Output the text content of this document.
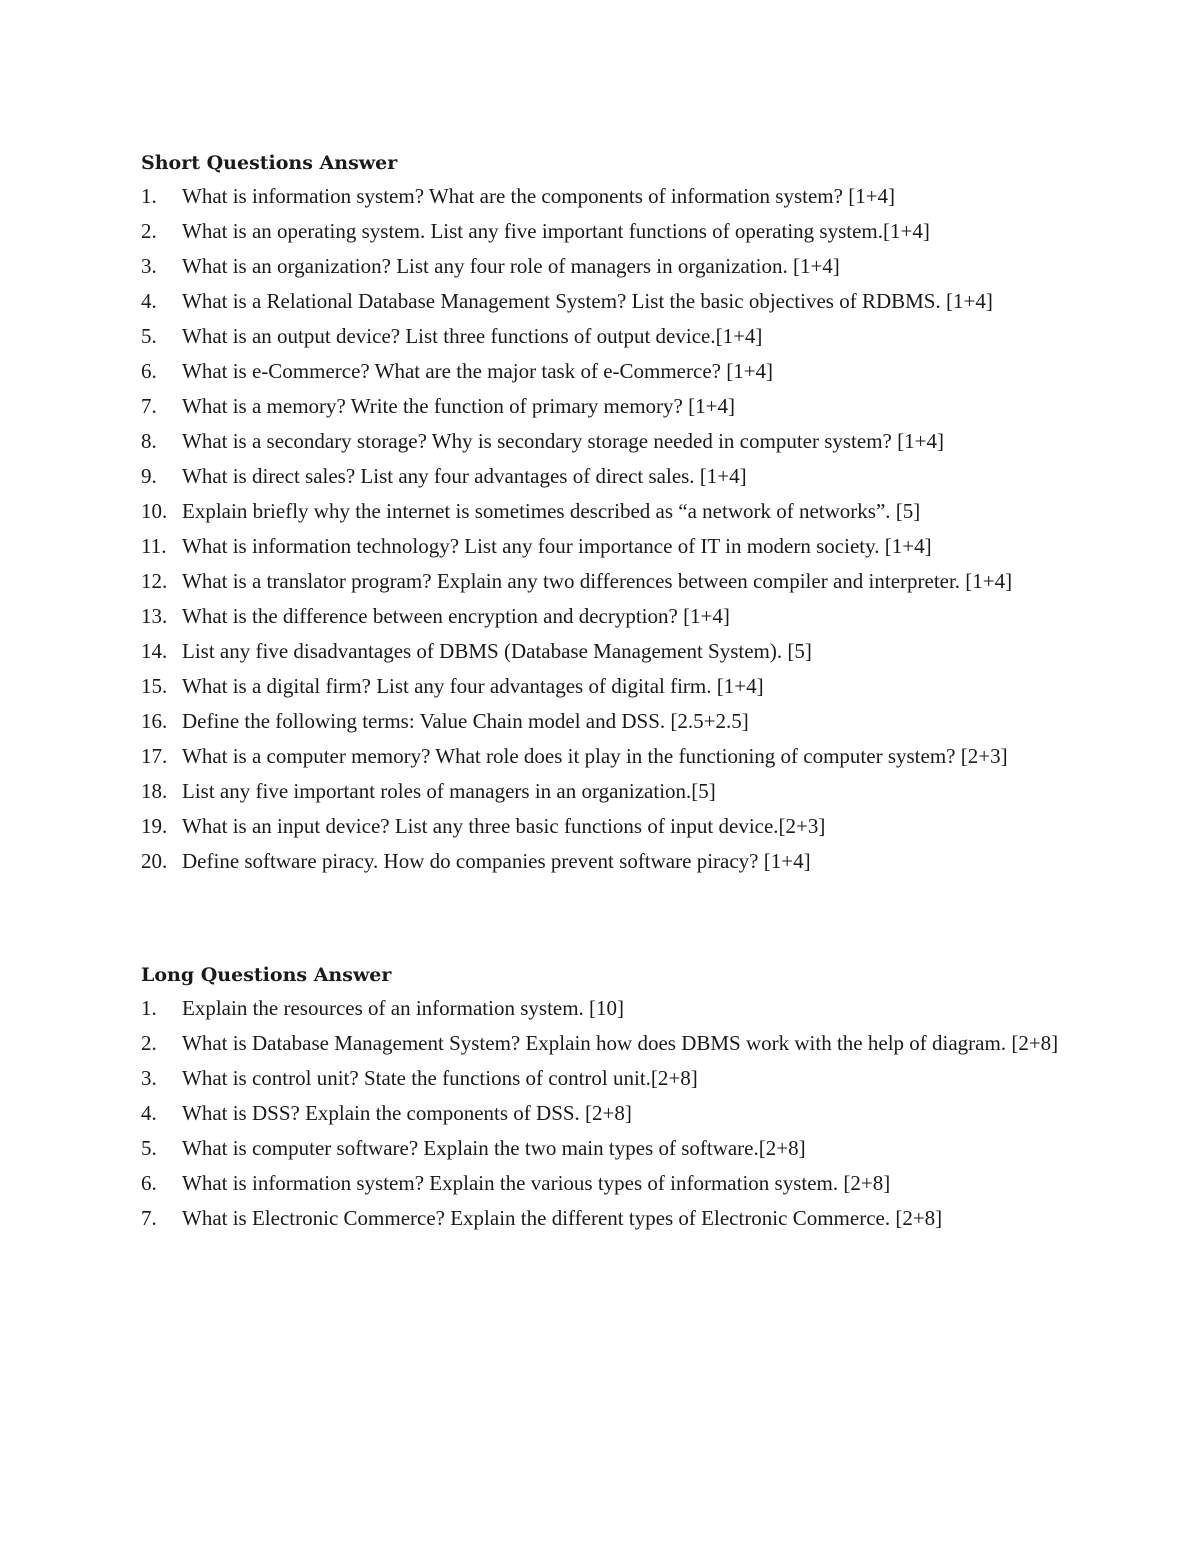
Short Questions Answer
1. What is information system? What are the components of information system? [1+4]
2. What is an operating system. List any five important functions of operating system.[1+4]
3. What is an organization? List any four role of managers in organization. [1+4]
4. What is a Relational Database Management System? List the basic objectives of RDBMS. [1+4]
5. What is an output device? List three functions of output device.[1+4]
6. What is e-Commerce? What are the major task of e-Commerce? [1+4]
7. What is a memory? Write the function of primary memory? [1+4]
8. What is a secondary storage? Why is secondary storage needed in computer system? [1+4]
9. What is direct sales? List any four advantages of direct sales. [1+4]
10. Explain briefly why the internet is sometimes described as “a network of networks”. [5]
11. What is information technology? List any four importance of IT in modern society. [1+4]
12. What is a translator program? Explain any two differences between compiler and interpreter. [1+4]
13. What is the difference between encryption and decryption? [1+4]
14. List any five disadvantages of DBMS (Database Management System). [5]
15. What is a digital firm? List any four advantages of digital firm. [1+4]
16. Define the following terms: Value Chain model and DSS. [2.5+2.5]
17. What is a computer memory? What role does it play in the functioning of computer system? [2+3]
18. List any five important roles of managers in an organization.[5]
19. What is an input device? List any three basic functions of input device.[2+3]
20. Define software piracy. How do companies prevent software piracy? [1+4]
Long Questions Answer
1. Explain the resources of an information system. [10]
2. What is Database Management System? Explain how does DBMS work with the help of diagram. [2+8]
3. What is control unit? State the functions of control unit.[2+8]
4. What is DSS? Explain the components of DSS. [2+8]
5. What is computer software? Explain the two main types of software.[2+8]
6. What is information system? Explain the various types of information system. [2+8]
7. What is Electronic Commerce? Explain the different types of Electronic Commerce. [2+8]
